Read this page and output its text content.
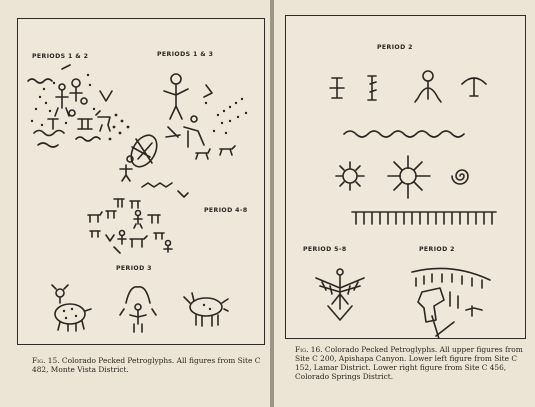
PERIODS 1 & 2	PERIODS 1 & 3
PERIOD 4-8
PERIOD 3
Fig. 15. Colorado Pecked Petroglyphs. All figures from Site C 482, Monte Vista District.
PERIOD 2
PERIOD 5-8	PERIOD 2
Fig. 16. Colorado Pecked Petroglyphs. All upper figures from Site C 200, Apishapa Canyon. Lower left figure from Site C 152, Lamar District. Lower right figure from Site C 456, Colorado Springs District.
